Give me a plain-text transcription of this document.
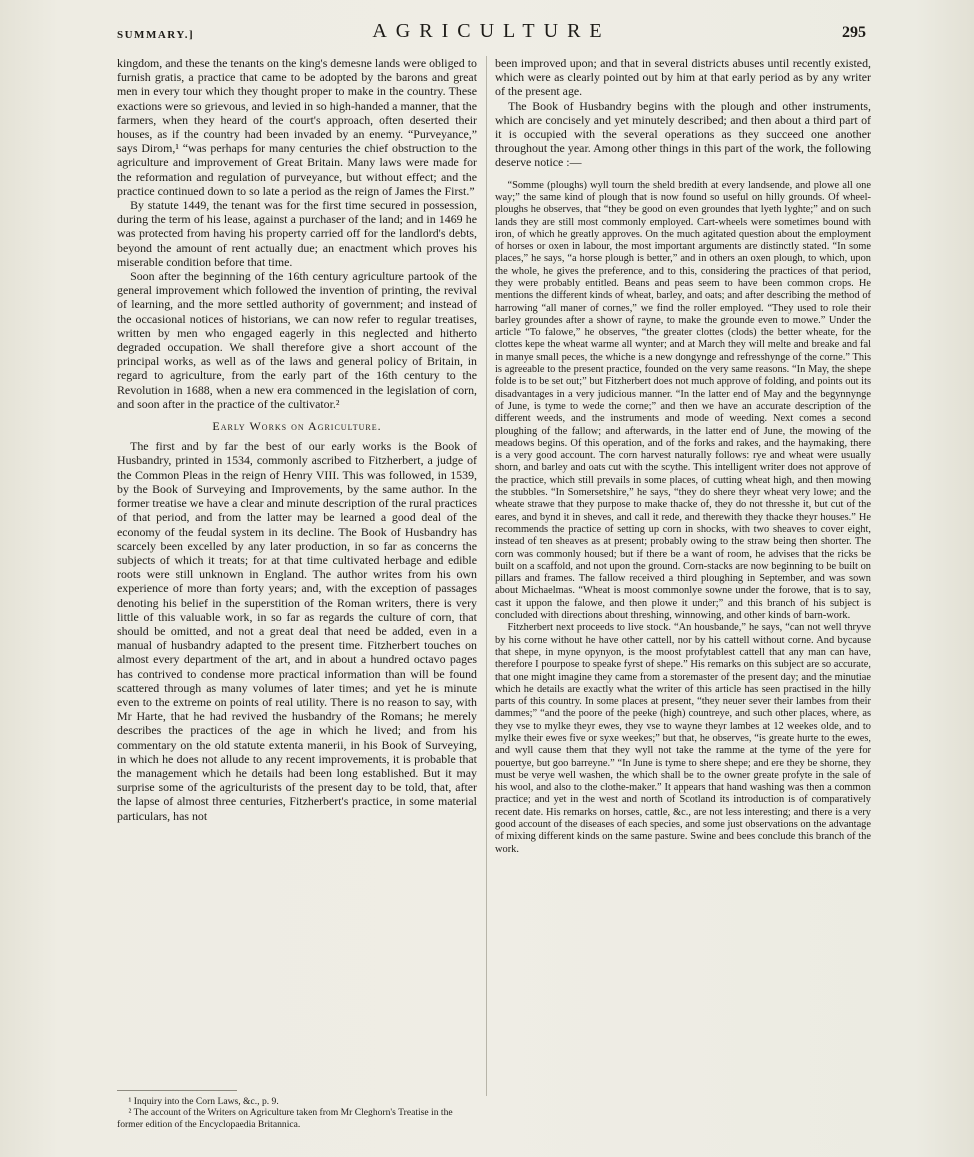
SUMMARY.]	AGRICULTURE	295

kingdom, and these the tenants on the king's demesne lands were obliged to furnish gratis, a practice that came to be adopted by the barons and great men in every tour which they thought proper to make in the country. These exactions were so grievous, and levied in so high-handed a manner, that the farmers, when they heard of the court's approach, often deserted their houses, as if the country had been invaded by an enemy. “Purveyance,” says Dirom,¹ “was perhaps for many centuries the chief obstruction to the agriculture and improvement of Great Britain. Many laws were made for the reformation and regulation of purveyance, but without effect; and the practice continued down to so late a period as the reign of James the First.”

By statute 1449, the tenant was for the first time secured in possession, during the term of his lease, against a purchaser of the land; and in 1469 he was protected from having his property carried off for the landlord's debts, beyond the amount of rent actually due; an enactment which proves his miserable condition before that time.

Soon after the beginning of the 16th century agriculture partook of the general improvement which followed the invention of printing, the revival of learning, and the more settled authority of government; and instead of the occasional notices of historians, we can now refer to regular treatises, written by men who engaged eagerly in this neglected and hitherto degraded occupation. We shall therefore give a short account of the principal works, as well as of the laws and general policy of Britain, in regard to agriculture, from the early part of the 16th century to the Revolution in 1688, when a new era commenced in the legislation of corn, and soon after in the practice of the cultivator.²

Early Works on Agriculture.

The first and by far the best of our early works is the Book of Husbandry, printed in 1534, commonly ascribed to Fitzherbert, a judge of the Common Pleas in the reign of Henry VIII. This was followed, in 1539, by the Book of Surveying and Improvements, by the same author. In the former treatise we have a clear and minute description of the rural practices of that period, and from the latter may be learned a good deal of the economy of the feudal system in its decline. The Book of Husbandry has scarcely been excelled by any later production, in so far as concerns the subjects of which it treats; for at that time cultivated herbage and edible roots were still unknown in England. The author writes from his own experience of more than forty years; and, with the exception of passages denoting his belief in the superstition of the Roman writers, there is very little of this valuable work, in so far as regards the culture of corn, that should be omitted, and not a great deal that need be added, even in a manual of husbandry adapted to the present time. Fitzherbert touches on almost every department of the art, and in about a hundred octavo pages has contrived to condense more practical information than will be found scattered through as many volumes of later times; and yet he is minute even to the extreme on points of real utility. There is no reason to say, with Mr Harte, that he had revived the husbandry of the Romans; he merely describes the practices of the age in which he lived; and from his commentary on the old statute extenta manerii, in his Book of Surveying, in which he does not allude to any recent improvements, it is probable that the management which he details had been long established. But it may surprise some of the agriculturists of the present day to be told, that, after the lapse of almost three centuries, Fitzherbert's practice, in some material particulars, has not

¹ Inquiry into the Corn Laws, &c., p. 9.
² The account of the Writers on Agriculture taken from Mr Cleghorn's Treatise in the former edition of the Encyclopaedia Britannica.

been improved upon; and that in several districts abuses until recently existed, which were as clearly pointed out by him at that early period as by any writer of the present age.

The Book of Husbandry begins with the plough and other instruments, which are concisely and yet minutely described; and then about a third part of it is occupied with the several operations as they succeed one another throughout the year. Among other things in this part of the work, the following deserve notice :—

“Somme (ploughs) wyll tourn the sheld bredith at every landsende, and plowe all one way;” the same kind of plough that is now found so useful on hilly grounds. Of wheel-ploughs he observes, that “they be good on even groundes that lyeth lyghte;” and on such lands they are still most commonly employed. Cart-wheels were sometimes bound with iron, of which he greatly approves. On the much agitated question about the employment of horses or oxen in labour, the most important arguments are distinctly stated. “In some places,” he says, “a horse plough is better,” and in others an oxen plough, to which, upon the whole, he gives the preference, and to this, considering the practices of that period, they were probably entitled. Beans and peas seem to have been common crops. He mentions the different kinds of wheat, barley, and oats; and after describing the method of harrowing “all maner of cornes,” we find the roller employed. “They used to role their barley groundes after a showr of rayne, to make the grounde even to mowe.” Under the article “To falowe,” he observes, “the greater clottes (clods) the better wheate, for the clottes kepe the wheat warme all wynter; and at March they will melte and breake and fal in manye small peces, the whiche is a new dongynge and refresshynge of the corne.” This is agreeable to the present practice, founded on the very same reasons. “In May, the shepe folde is to be set out;” but Fitzherbert does not much approve of folding, and points out its disadvantages in a very judicious manner. “In the latter end of May and the begynnynge of June, is tyme to wede the corne;” and then we have an accurate description of the different weeds, and the instruments and mode of weeding. Next comes a second ploughing of the fallow; and afterwards, in the latter end of June, the mowing of the meadows begins. Of this operation, and of the forks and rakes, and the haymaking, there is a very good account. The corn harvest naturally follows: rye and wheat were usually shorn, and barley and oats cut with the scythe. This intelligent writer does not approve of the practice, which still prevails in some places, of cutting wheat high, and then mowing the stubbles. “In Somersetshire,” he says, “they do shere theyr wheat very lowe; and the wheate strawe that they purpose to make thacke of, they do not thresshe it, but cut of the eares, and bynd it in sheves, and call it rede, and therewith they thacke theyr houses.” He recommends the practice of setting up corn in shocks, with two sheaves to cover eight, instead of ten sheaves as at present; probably owing to the straw being then shorter. The corn was commonly housed; but if there be a want of room, he advises that the ricks be built on a scaffold, and not upon the ground. Corn-stacks are now beginning to be built on pillars and frames. The fallow received a third ploughing in September, and was sown about Michaelmas. “Wheat is moost commonlye sowne under the forowe, that is to say, cast it uppon the falowe, and then plowe it under;” and this branch of his subject is concluded with directions about threshing, winnowing, and other kinds of barn-work.

Fitzherbert next proceeds to live stock. “An housbande,” he says, “can not well thryve by his corne without he have other cattell, nor by his cattell without corne. And bycause that shepe, in myne opynyon, is the moost profytablest cattell that any man can have, therefore I pourpose to speake fyrst of shepe.” His remarks on this subject are so accurate, that one might imagine they came from a storemaster of the present day; and the minutiae which he details are exactly what the writer of this article has seen practised in the hilly parts of this country. In some places at present, “they neuer sever their lambes from their dammes;” “and the poore of the peeke (high) countreye, and such other places, where, as they vse to mylke theyr ewes, they vse to wayne theyr lambes at 12 weekes olde, and to mylke their ewes five or syxe weekes;” but that, he observes, “is greate hurte to the ewes, and wyll cause them that they wyll not take the ramme at the tyme of the yere for pouertye, but goo barreyne.” “In June is tyme to shere shepe; and ere they be shorne, they must be verye well washen, the which shall be to the owner greate profyte in the sale of his wool, and also to the clothe-maker.” It appears that hand washing was then a common practice; and yet in the west and north of Scotland its introduction is of comparatively recent date. His remarks on horses, cattle, &c., are not less interesting; and there is a very good account of the diseases of each species, and some just observations on the advantage of mixing different kinds on the same pasture. Swine and bees conclude this branch of the work.
